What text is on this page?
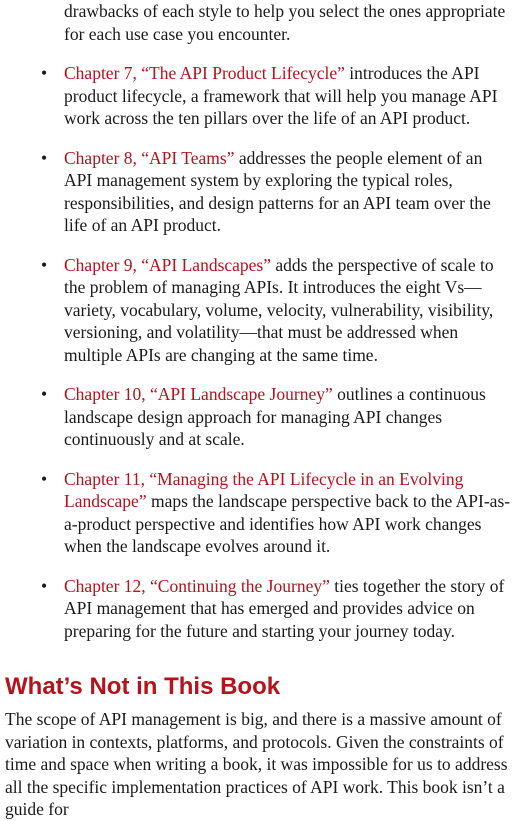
drawbacks of each style to help you select the ones appropriate for each use case you encounter.

• Chapter 7, “The API Product Lifecycle” introduces the API product lifecycle, a framework that will help you manage API work across the ten pillars over the life of an API product.
• Chapter 8, “API Teams” addresses the people element of an API management system by exploring the typical roles, responsibilities, and design patterns for an API team over the life of an API product.
• Chapter 9, “API Landscapes” adds the perspective of scale to the problem of managing APIs. It introduces the eight Vs—variety, vocabulary, volume, velocity, vulnerability, visibility, versioning, and volatility—that must be addressed when multiple APIs are changing at the same time.
• Chapter 10, “API Landscape Journey” outlines a continuous landscape design approach for managing API changes continuously and at scale.
• Chapter 11, “Managing the API Lifecycle in an Evolving Landscape” maps the landscape perspective back to the API-as-a-product perspective and identifies how API work changes when the landscape evolves around it.
• Chapter 12, “Continuing the Journey” ties together the story of API management that has emerged and provides advice on preparing for the future and starting your journey today.
What’s Not in This Book

The scope of API management is big, and there is a massive amount of variation in contexts, platforms, and protocols. Given the constraints of time and space when writing a book, it was impossible for us to address all the specific implementation practices of API work. This book isn’t a guide for
